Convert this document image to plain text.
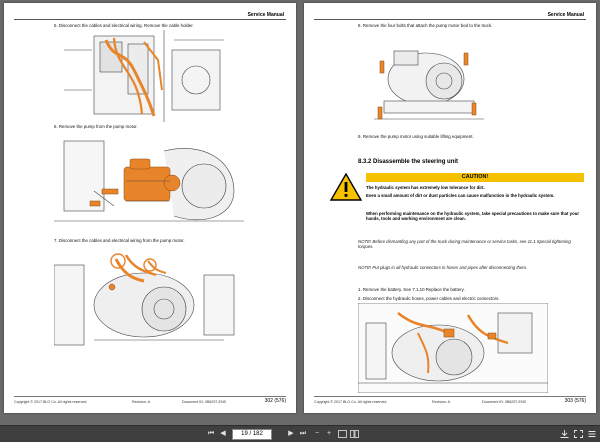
Service Manual
5. Disconnect the cables and electrical wiring. Remove the cable holder.
6. Remove the pump from the pump motor.
7. Disconnect the cables and electrical wiring from the pump motor.
Copyright © 2017 BLG Co. All rights reserved.	Revision: A	Document ID: 0B6297-ENS	302 (576)
Service Manual
8. Remove the four bolts that attach the pump motor bed to the truck.
9. Remove the pump motor using suitable lifting equipment.
8.3.2 Disassemble the steering unit
CAUTION!
The hydraulic system has extremely low tolerance for dirt.
Even a small amount of dirt or dust particles can cause malfunction in the hydraulic system.
When performing maintenance on the hydraulic system, take special precautions to make sure that your hands, tools and working environment are clean.
NOTE! Before dismantling any part of the truck during maintenance or service tasks, see 11.1 Special tightening torques.
NOTE! Put plugs in all hydraulic connectors in hoses and pipes after disconnecting them.
1. Remove the battery. See 7.1.10 Replace the battery.
2. Disconnect the hydraulic hoses, power cables and electric connectors.
Copyright © 2017 BLG Co. All rights reserved.	Revision: A	Document ID: 0B6297-ENS	303 (576)
⏮ ◀	19 / 182	▶ ⏭	−	+
